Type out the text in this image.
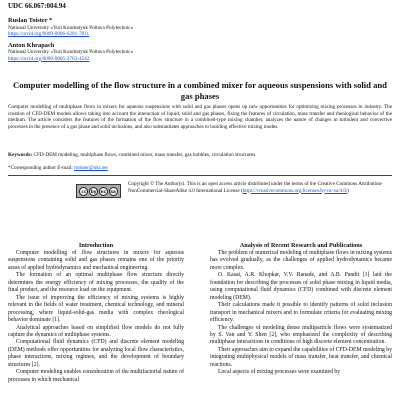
UDC 66.067:004.94
Ruslan Toister *
National University «Yuri Kondratyuk Poltava Polytechnic»
https://orcid.org/0009-0006-6201-7811
Anton Khrapach
National University «Yuri Kondratyuk Poltava Polytechnic»
https://orcid.org/0009-0005-2763-4542
Computer modelling of the flow structure in a combined mixer for aqueous suspensions with solid and gas phases
Computer modelling of multiphase flows in mixers for aqueous suspensions with solid and gas phases opens up new opportunities for optimizing mixing processes in industry. The creation of CFD-DEM models allows taking into account the interaction of liquid, solid and gas phases, fixing the features of circulation, mass transfer and rheological behavior of the medium. The article considers the features of the formation of the flow structure in a combined-type mixing chamber, analyzes the nature of changes in turbulent and convective processes in the presence of a gas phase and solid inclusions, and also substantiates approaches to building effective mixing modes.
Keywords: CFD-DEM modeling, multiphase flows, combined mixer, mass transfer, gas bubbles, circulation structures.
*Corresponding author E-mail: rtoister@ukr.net
cc	by nc	sa
Copyright © The Author(s). This is an open access article distributed under the terms of the Creative Commons Attribution-NonCommercial-ShareAlike 4.0 International License (https://creativecommons.org/licenses/by-nc-sa/4.0/)
Introduction

Computer modelling of flow structures in mixers for aqueous suspensions containing solid and gas phases remains one of the priority areas of applied hydrodynamics and mechanical engineering.

The formation of an optimal multiphase flow structure directly determines the energy efficiency of mixing processes, the quality of the final product, and the resource load on the equipment.

The issue of improving the efficiency of mixing systems is highly relevant in the fields of water treatment, chemical technology, and mineral processing, where liquid-solid-gas media with complex rheological behavior dominate [1].

Analytical approaches based on simplified flow models do not fully capture the dynamics of multiphase systems.

Computational fluid dynamics (CFD) and discrete element modeling (DEM) methods offer opportunities for analyzing local flow characteristics, phase interactions, mixing regimes, and the development of boundary structures [2].

Computer modeling enables consideration of the multifactorial nature of processes in which mechanical

Analysis of Recent Research and Publications

The problem of numerical modeling of multiphase flows in mixing systems has evolved gradually, as the challenges of applied hydrodynamics became more complex.

O. Kasat, A.R. Khopkar, V.V. Ranade, and A.B. Pandit [1] laid the foundation for describing the processes of solid phase mixing in liquid media, using computational fluid dynamics (CFD) combined with discrete element modeling (DEM).

Their calculations made it possible to identify patterns of solid inclusion transport in mechanical mixers and to formulate criteria for evaluating mixing efficiency.

The challenges of modeling dense multiparticle flows were systematized by S. Van and Y. Shen [2], who emphasized the complexity of describing multiphase interactions in conditions of high discrete element concentration.

Their approaches aim to expand the capabilities of CFD-DEM modeling by integrating multiphysical models of mass transfer, heat transfer, and chemical reactions.

Local aspects of mixing processes were examined by
